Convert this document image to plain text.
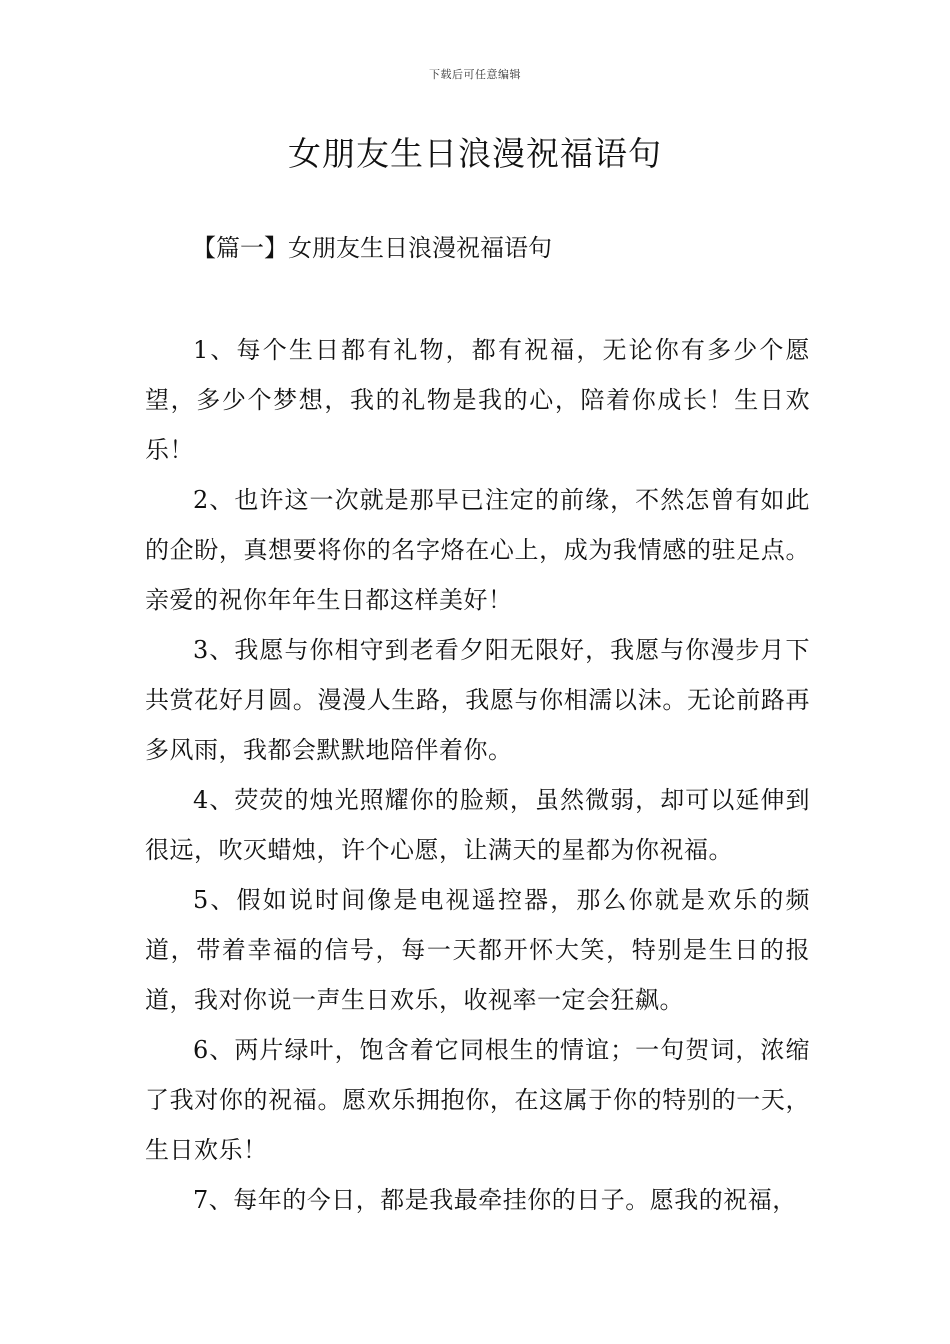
下载后可任意编辑
女朋友生日浪漫祝福语句
【篇一】女朋友生日浪漫祝福语句

1、每个生日都有礼物，都有祝福，无论你有多少个愿望，多少个梦想，我的礼物是我的心，陪着你成长！生日欢乐！

2、也许这一次就是那早已注定的前缘，不然怎曾有如此的企盼，真想要将你的名字烙在心上，成为我情感的驻足点。亲爱的祝你年年生日都这样美好！

3、我愿与你相守到老看夕阳无限好，我愿与你漫步月下共赏花好月圆。漫漫人生路，我愿与你相濡以沫。无论前路再多风雨，我都会默默地陪伴着你。

4、荧荧的烛光照耀你的脸颊，虽然微弱，却可以延伸到很远，吹灭蜡烛，许个心愿，让满天的星都为你祝福。

5、假如说时间像是电视遥控器，那么你就是欢乐的频道，带着幸福的信号，每一天都开怀大笑，特别是生日的报道，我对你说一声生日欢乐，收视率一定会狂飙。

6、两片绿叶，饱含着它同根生的情谊；一句贺词，浓缩了我对你的祝福。愿欢乐拥抱你，在这属于你的特别的一天，生日欢乐！

7、每年的今日，都是我最牵挂你的日子。愿我的祝福，
